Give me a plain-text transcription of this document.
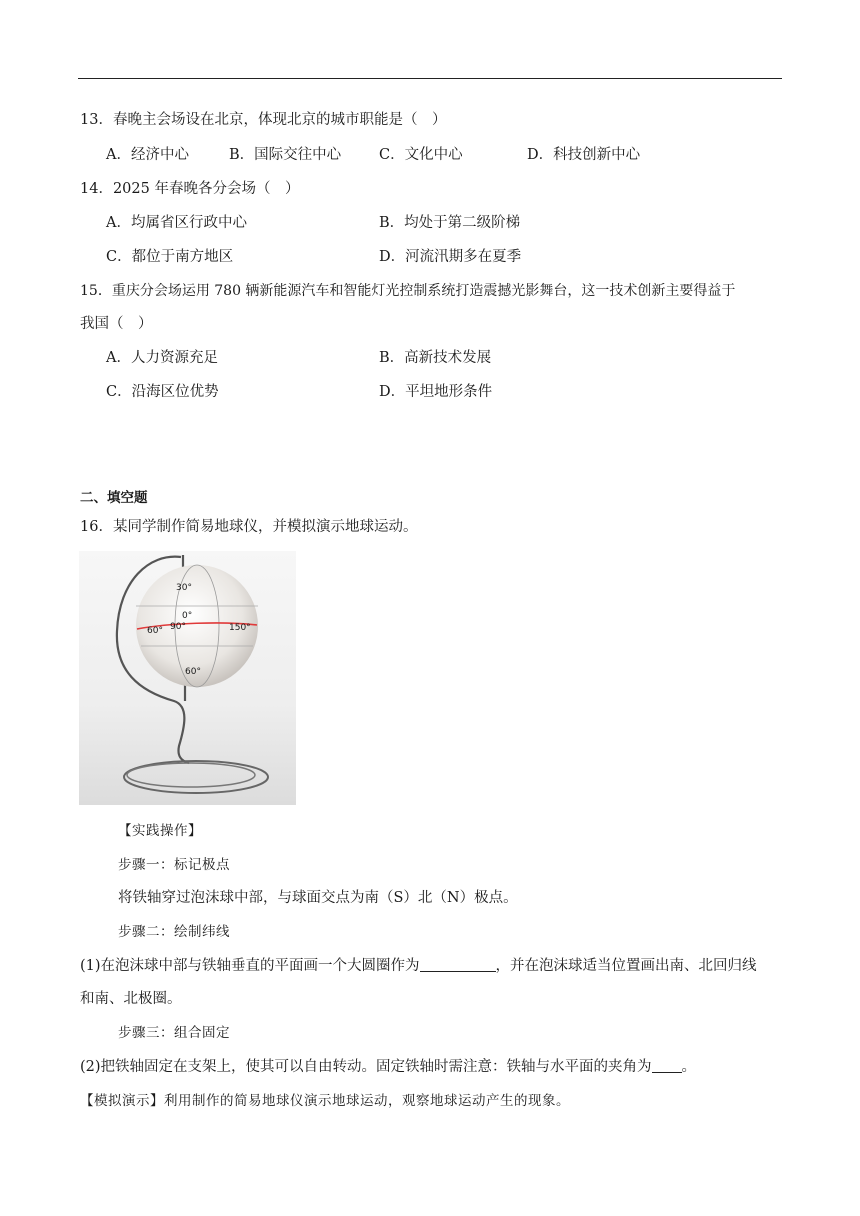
13．春晚主会场设在北京，体现北京的城市职能是（　）
A．经济中心	B．国际交往中心	C．文化中心	D．科技创新中心
14．2025 年春晚各分会场（　）
A．均属省区行政中心	B．均处于第二级阶梯
C．都位于南方地区	D．河流汛期多在夏季
15．重庆分会场运用 780 辆新能源汽车和智能灯光控制系统打造震撼光影舞台，这一技术创新主要得益于
我国（　）
A．人力资源充足	B．高新技术发展
C．沿海区位优势	D．平坦地形条件
二、填空题
16．某同学制作简易地球仪，并模拟演示地球运动。
30°
0°
90°
60°	150°
60°
【实践操作】
步骤一：标记极点
将铁轴穿过泡沫球中部，与球面交点为南（S）北（N）极点。
步骤二：绘制纬线
(1)在泡沫球中部与铁轴垂直的平面画一个大圆圈作为	，并在泡沫球适当位置画出南、北回归线
和南、北极圈。
步骤三：组合固定
(2)把铁轴固定在支架上，使其可以自由转动。固定铁轴时需注意：铁轴与水平面的夹角为 。
【模拟演示】利用制作的简易地球仪演示地球运动，观察地球运动产生的现象。
